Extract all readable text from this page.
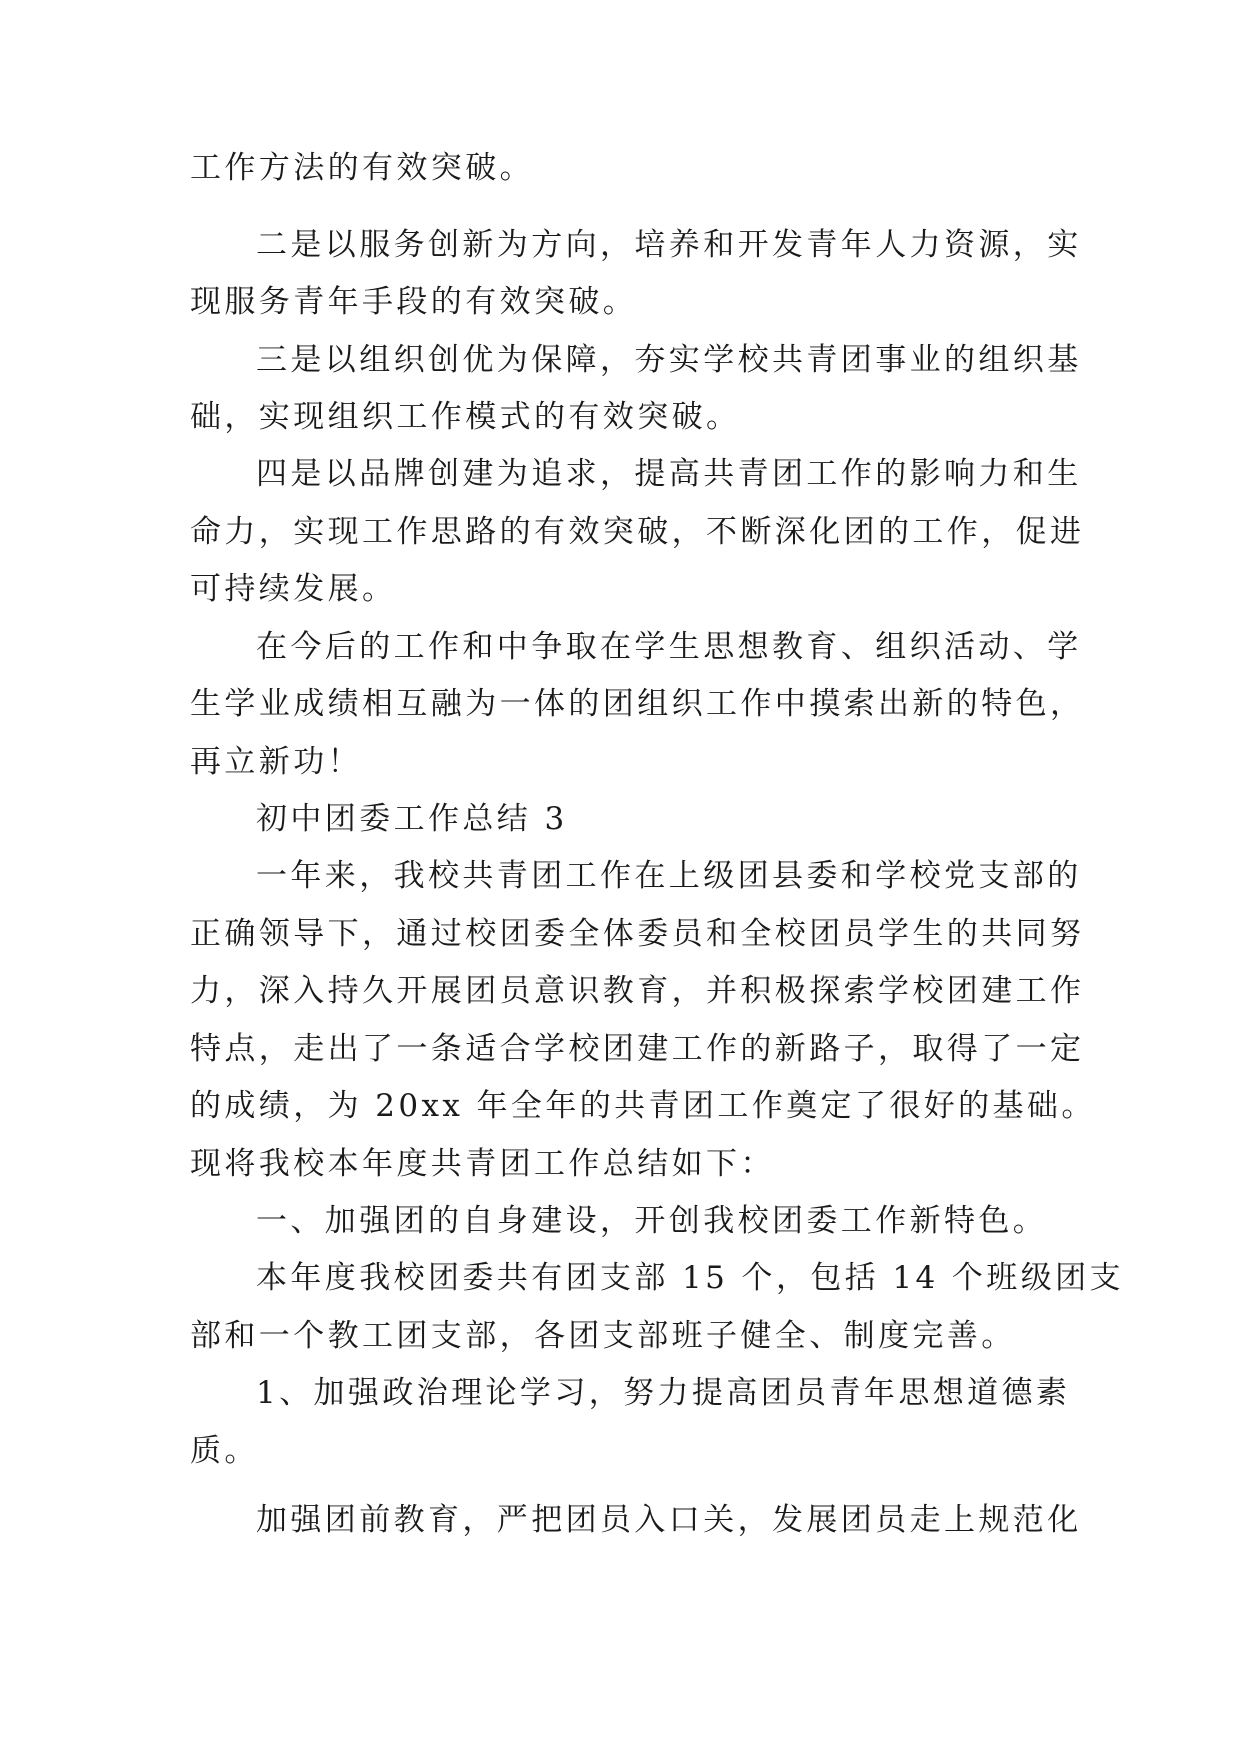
工作方法的有效突破。
二是以服务创新为方向，培养和开发青年人力资源，实
现服务青年手段的有效突破。
三是以组织创优为保障，夯实学校共青团事业的组织基
础，实现组织工作模式的有效突破。
四是以品牌创建为追求，提高共青团工作的影响力和生
命力，实现工作思路的有效突破，不断深化团的工作，促进
可持续发展。
在今后的工作和中争取在学生思想教育、组织活动、学
生学业成绩相互融为一体的团组织工作中摸索出新的特色，
再立新功！
初中团委工作总结 3
一年来，我校共青团工作在上级团县委和学校党支部的
正确领导下，通过校团委全体委员和全校团员学生的共同努
力，深入持久开展团员意识教育，并积极探索学校团建工作
特点，走出了一条适合学校团建工作的新路子，取得了一定
的成绩，为 20xx 年全年的共青团工作奠定了很好的基础。
现将我校本年度共青团工作总结如下：
一、加强团的自身建设，开创我校团委工作新特色。
本年度我校团委共有团支部 15 个，包括 14 个班级团支
部和一个教工团支部，各团支部班子健全、制度完善。
1、加强政治理论学习，努力提高团员青年思想道德素
质。
加强团前教育，严把团员入口关，发展团员走上规范化
